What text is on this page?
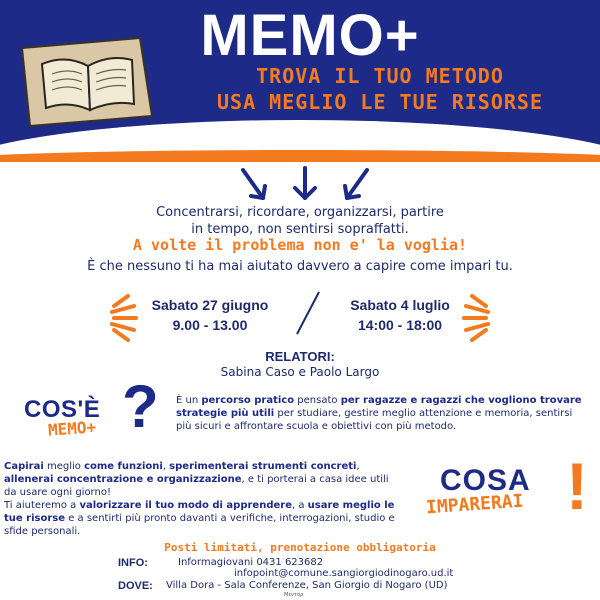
MEMO+
TROVA IL TUO METODO
USA MEGLIO LE TUE RISORSE
SEI UN GIOVANE FRA I 14 E I 18 ANNI?
Concentrarsi, ricordare, organizzarsi, partire
in tempo, non sentirsi sopraffatti.
A volte il problema non e' la voglia!
È che nessuno ti ha mai aiutato davvero a capire come impari tu.
Sabato 27 giugno
9.00 - 13.00
Sabato 4 luglio
14:00 - 18:00
RELATORI:
Sabina Caso e Paolo Largo
COS'È
MEMO+ ? È un percorso pratico pensato per ragazze e ragazzi che vogliono trovare strategie più utili per studiare, gestire meglio attenzione e memoria, sentirsi più sicuri e affrontare scuola e obiettivi con più metodo.
Capirai meglio come funzioni, sperimenterai strumenti concreti, allenerai concentrazione e organizzazione, e ti porterai a casa idee utili da usare ogni giorno!
Ti aiuteremo a valorizzare il tuo modo di apprendere, a usare meglio le tue risorse e a sentirti più pronto davanti a verifiche, interrogazioni, studio e sfide personali.
COSA
IMPARERAI !
Posti limitati, prenotazione obbligatoria
INFO:	Informagiovani 0431 623682
infopoint@comune.sangiorgiodinogaro.ud.it
DOVE: Villa Dora - Sala Conferenze, San Giorgio di Nogaro (UD)
Μένταρ
